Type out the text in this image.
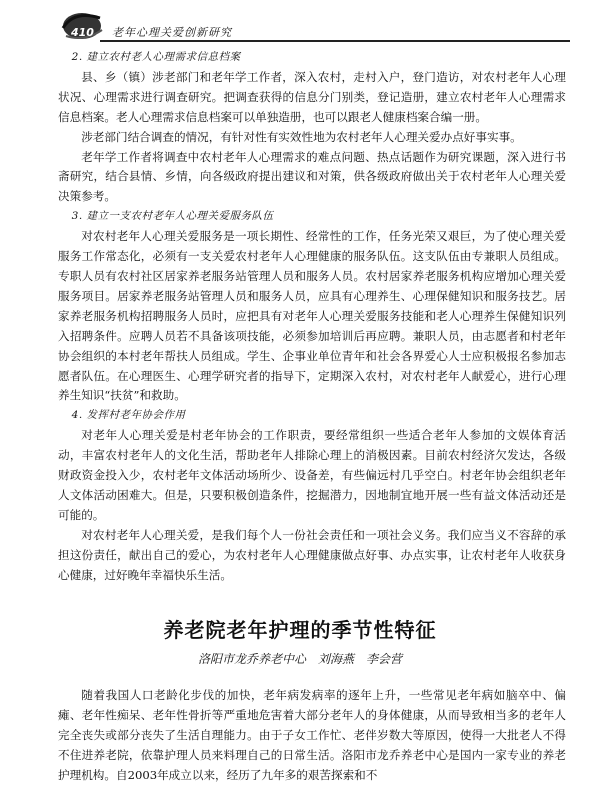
410 老年心理关爱创新研究

2. 建立农村老人心理需求信息档案

县、乡（镇）涉老部门和老年学工作者，深入农村，走村入户，登门造访，对农村老年人心理状况、心理需求进行调查研究。把调查获得的信息分门别类，登记造册，建立农村老年人心理需求信息档案。老人心理需求信息档案可以单独造册，也可以跟老人健康档案合编一册。

涉老部门结合调查的情况，有针对性有实效性地为农村老年人心理关爱办点好事实事。

老年学工作者将调查中农村老年人心理需求的难点问题、热点话题作为研究课题，深入进行书斋研究，结合县情、乡情，向各级政府提出建议和对策，供各级政府做出关于农村老年人心理关爱决策参考。

3. 建立一支农村老年人心理关爱服务队伍

对农村老年人心理关爱服务是一项长期性、经常性的工作，任务光荣又艰巨，为了使心理关爱服务工作常态化，必须有一支关爱农村老年人心理健康的服务队伍。这支队伍由专兼职人员组成。专职人员有农村社区居家养老服务站管理人员和服务人员。农村居家养老服务机构应增加心理关爱服务项目。居家养老服务站管理人员和服务人员，应具有心理养生、心理保健知识和服务技艺。居家养老服务机构招聘服务人员时，应把具有对老年人心理关爱服务技能和老人心理养生保健知识列入招聘条件。应聘人员若不具备该项技能，必须参加培训后再应聘。兼职人员，由志愿者和村老年协会组织的本村老年帮扶人员组成。学生、企事业单位青年和社会各界爱心人士应积极报名参加志愿者队伍。在心理医生、心理学研究者的指导下，定期深入农村，对农村老年人献爱心，进行心理养生知识“扶贫”和救助。

4. 发挥村老年协会作用

对老年人心理关爱是村老年协会的工作职责，要经常组织一些适合老年人参加的文娱体育活动，丰富农村老年人的文化生活，帮助老年人排除心理上的消极因素。目前农村经济欠发达，各级财政资金投入少，农村老年文体活动场所少、设备差，有些偏远村几乎空白。村老年协会组织老年人文体活动困难大。但是，只要积极创造条件，挖掘潜力，因地制宜地开展一些有益文体活动还是可能的。

对农村老年人心理关爱，是我们每个人一份社会责任和一项社会义务。我们应当义不容辞的承担这份责任，献出自己的爱心，为农村老年人心理健康做点好事、办点实事，让农村老年人收获身心健康，过好晚年幸福快乐生活。

养老院老年护理的季节性特征
洛阳市龙乔养老中心　刘海燕　李会营

随着我国人口老龄化步伐的加快，老年病发病率的逐年上升，一些常见老年病如脑卒中、偏瘫、老年性痴呆、老年性骨折等严重地危害着大部分老年人的身体健康，从而导致相当多的老年人完全丧失或部分丧失了生活自理能力。由于子女工作忙、老伴岁数大等原因，使得一大批老人不得不住进养老院，依靠护理人员来料理自己的日常生活。洛阳市龙乔养老中心是国内一家专业的养老护理机构。自2003年成立以来，经历了九年多的艰苦探索和不
